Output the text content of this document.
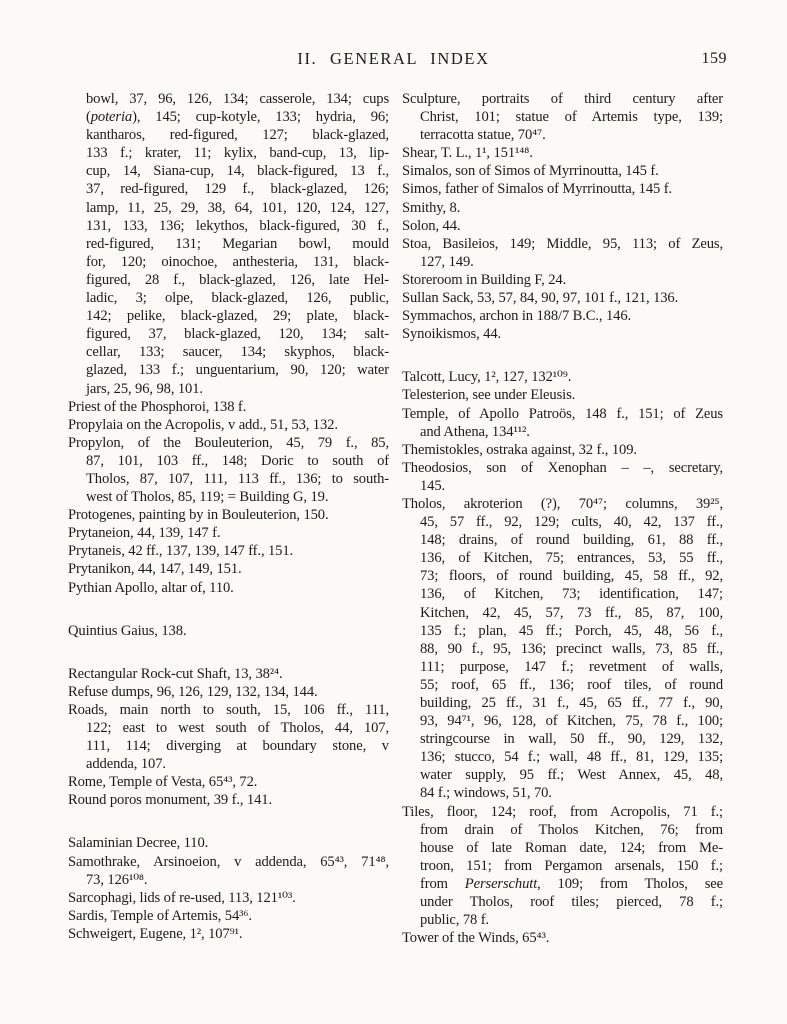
II. GENERAL INDEX	159
bowl, 37, 96, 126, 134; casserole, 134; cups
(poteria), 145; cup-kotyle, 133; hydria, 96;
kantharos, red-figured, 127; black-glazed,
133 f.; krater, 11; kylix, band-cup, 13, lip-
cup, 14, Siana-cup, 14, black-figured, 13 f.,
37, red-figured, 129 f., black-glazed, 126;
lamp, 11, 25, 29, 38, 64, 101, 120, 124, 127,
131, 133, 136; lekythos, black-figured, 30 f.,
red-figured, 131; Megarian bowl, mould
for, 120; oinochoe, anthesteria, 131, black-
figured, 28 f., black-glazed, 126, late Hel-
ladic, 3; olpe, black-glazed, 126, public,
142; pelike, black-glazed, 29; plate, black-
figured, 37, black-glazed, 120, 134; salt-
cellar, 133; saucer, 134; skyphos, black-
glazed, 133 f.; unguentarium, 90, 120; water
jars, 25, 96, 98, 101.
Priest of the Phosphoroi, 138 f.
Propylaia on the Acropolis, v add., 51, 53, 132.
Propylon, of the Bouleuterion, 45, 79 f., 85,
87, 101, 103 ff., 148; Doric to south of
Tholos, 87, 107, 111, 113 ff., 136; to south-
west of Tholos, 85, 119; = Building G, 19.
Protogenes, painting by in Bouleuterion, 150.
Prytaneion, 44, 139, 147 f.
Prytaneis, 42 ff., 137, 139, 147 ff., 151.
Prytanikon, 44, 147, 149, 151.
Pythian Apollo, altar of, 110.
Quintius Gaius, 138.
Rectangular Rock-cut Shaft, 13, 38²⁴.
Refuse dumps, 96, 126, 129, 132, 134, 144.
Roads, main north to south, 15, 106 ff., 111,
122; east to west south of Tholos, 44, 107,
111, 114; diverging at boundary stone, v
addenda, 107.
Rome, Temple of Vesta, 65⁴³, 72.
Round poros monument, 39 f., 141.
Salaminian Decree, 110.
Samothrake, Arsinoeion, v addenda, 65⁴³, 71⁴⁸,
73, 126¹⁰⁸.
Sarcophagi, lids of re-used, 113, 121¹⁰³.
Sardis, Temple of Artemis, 54³⁶.
Schweigert, Eugene, 1², 107⁹¹.
Sculpture, portraits of third century after
Christ, 101; statue of Artemis type, 139;
terracotta statue, 70⁴⁷.
Shear, T. L., 1¹, 151¹⁴⁸.
Simalos, son of Simos of Myrrinoutta, 145 f.
Simos, father of Simalos of Myrrinoutta, 145 f.
Smithy, 8.
Solon, 44.
Stoa, Basileios, 149; Middle, 95, 113; of Zeus,
127, 149.
Storeroom in Building F, 24.
Sullan Sack, 53, 57, 84, 90, 97, 101 f., 121, 136.
Symmachos, archon in 188/7 B.C., 146.
Synoikismos, 44.
Talcott, Lucy, 1², 127, 132¹⁰⁹.
Telesterion, see under Eleusis.
Temple, of Apollo Patroös, 148 f., 151; of Zeus
and Athena, 134¹¹².
Themistokles, ostraka against, 32 f., 109.
Theodosios, son of Xenophan – –, secretary,
145.
Tholos, akroterion (?), 70⁴⁷; columns, 39²⁵,
45, 57 ff., 92, 129; cults, 40, 42, 137 ff.,
148; drains, of round building, 61, 88 ff.,
136, of Kitchen, 75; entrances, 53, 55 ff.,
73; floors, of round building, 45, 58 ff., 92,
136, of Kitchen, 73; identification, 147;
Kitchen, 42, 45, 57, 73 ff., 85, 87, 100,
135 f.; plan, 45 ff.; Porch, 45, 48, 56 f.,
88, 90 f., 95, 136; precinct walls, 73, 85 ff.,
111; purpose, 147 f.; revetment of walls,
55; roof, 65 ff., 136; roof tiles, of round
building, 25 ff., 31 f., 45, 65 ff., 77 f., 90,
93, 94⁷¹, 96, 128, of Kitchen, 75, 78 f., 100;
stringcourse in wall, 50 ff., 90, 129, 132,
136; stucco, 54 f.; wall, 48 ff., 81, 129, 135;
water supply, 95 ff.; West Annex, 45, 48,
84 f.; windows, 51, 70.
Tiles, floor, 124; roof, from Acropolis, 71 f.;
from drain of Tholos Kitchen, 76; from
house of late Roman date, 124; from Me-
troon, 151; from Pergamon arsenals, 150 f.;
from Perserschutt, 109; from Tholos, see
under Tholos, roof tiles; pierced, 78 f.;
public, 78 f.
Tower of the Winds, 65⁴³.
